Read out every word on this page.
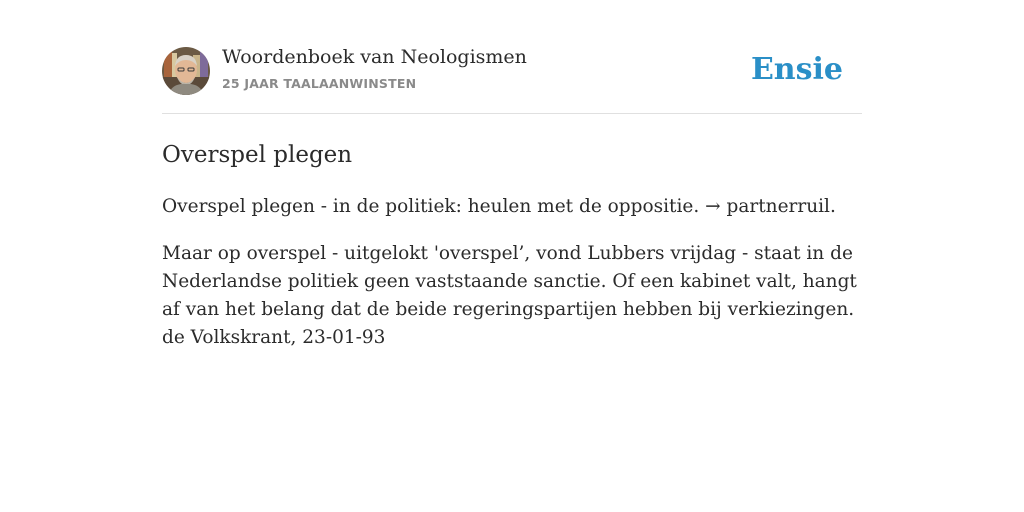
Woordenboek van Neologismen
25 JAAR TAALAANWINSTEN	Ensie
Overspel plegen

Overspel plegen - in de politiek: heulen met de oppositie. → partnerruil.

Maar op overspel - uitgelokt 'overspel’, vond Lubbers vrijdag - staat in de Nederlandse politiek geen vaststaande sanctie. Of een kabinet valt, hangt af van het belang dat de beide regeringspartijen hebben bij verkiezingen. de Volkskrant, 23-01-93
